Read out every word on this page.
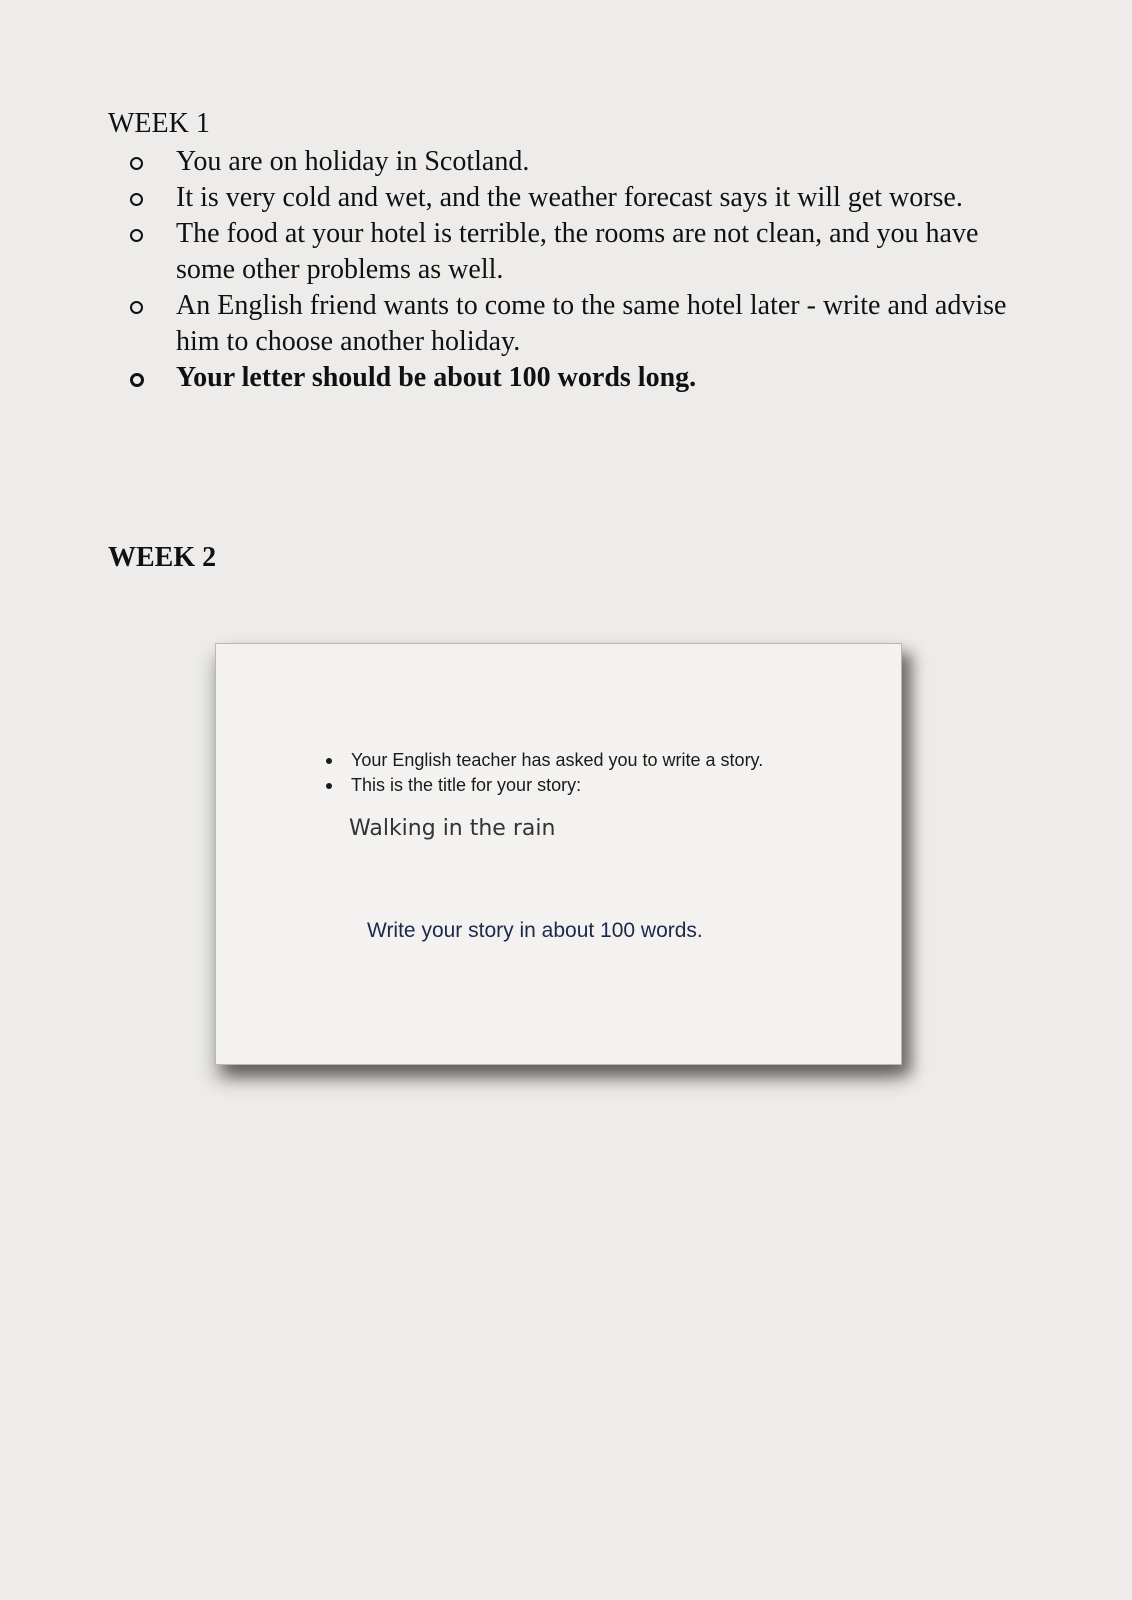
WEEK 1
You are on holiday in Scotland.
It is very cold and wet, and the weather forecast says it will get worse.
The food at your hotel is terrible, the rooms are not clean, and you have some other problems as well.
An English friend wants to come to the same hotel later - write and advise him to choose another holiday.
Your letter should be about 100 words long.
WEEK 2
Your English teacher has asked you to write a story.
This is the title for your story:
Walking in the rain
Write your story in about 100 words.
